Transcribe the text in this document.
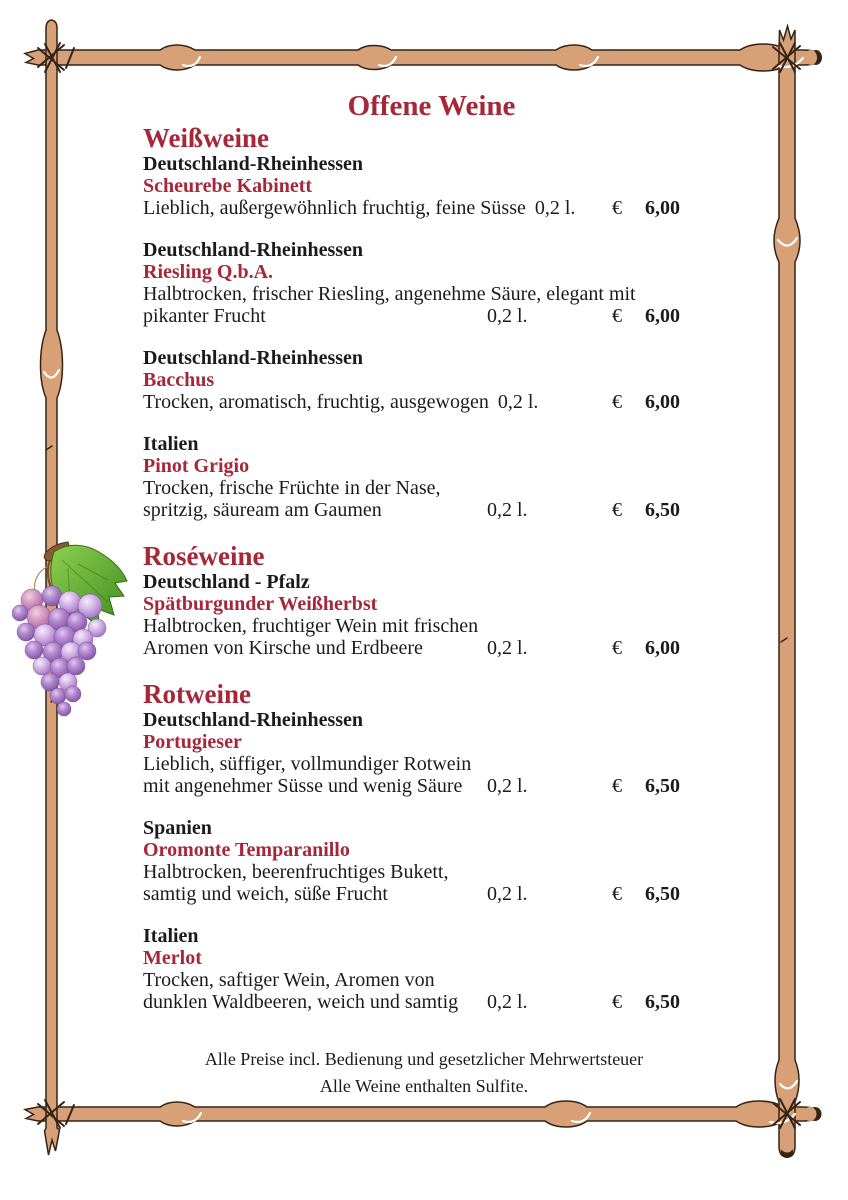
Offene Weine
Weißweine
Deutschland-Rheinhessen
Scheurebe Kabinett
Lieblich, außergewöhnlich fruchtig, feine Süsse 0,2 l. € 6,00
Deutschland-Rheinhessen
Riesling Q.b.A.
Halbtrocken, frischer Riesling, angenehme Säure, elegant mit
pikanter Frucht	0,2 l.	€ 6,00
Deutschland-Rheinhessen
Bacchus
Trocken, aromatisch, fruchtig, ausgewogen 0,2 l.	€ 6,00
Italien
Pinot Grigio
Trocken, frische Früchte in der Nase,
spritzig, säuream am Gaumen	0,2 l.	€ 6,50
Roséweine
Deutschland - Pfalz
Spätburgunder Weißherbst
Halbtrocken, fruchtiger Wein mit frischen
Aromen von Kirsche und Erdbeere	0,2 l.	€ 6,00
Rotweine
Deutschland-Rheinhessen
Portugieser
Lieblich, süffiger, vollmundiger Rotwein
mit angenehmer Süsse und wenig Säure 0,2 l.	€ 6,50
Spanien
Oromonte Temparanillo
Halbtrocken, beerenfruchtiges Bukett,
samtig und weich, süße Frucht	0,2 l.	€ 6,50
Italien
Merlot
Trocken, saftiger Wein, Aromen von
dunklen Waldbeeren, weich und samtig 0,2 l.	€ 6,50
Alle Preise incl. Bedienung und gesetzlicher Mehrwertsteuer
Alle Weine enthalten Sulfite.
